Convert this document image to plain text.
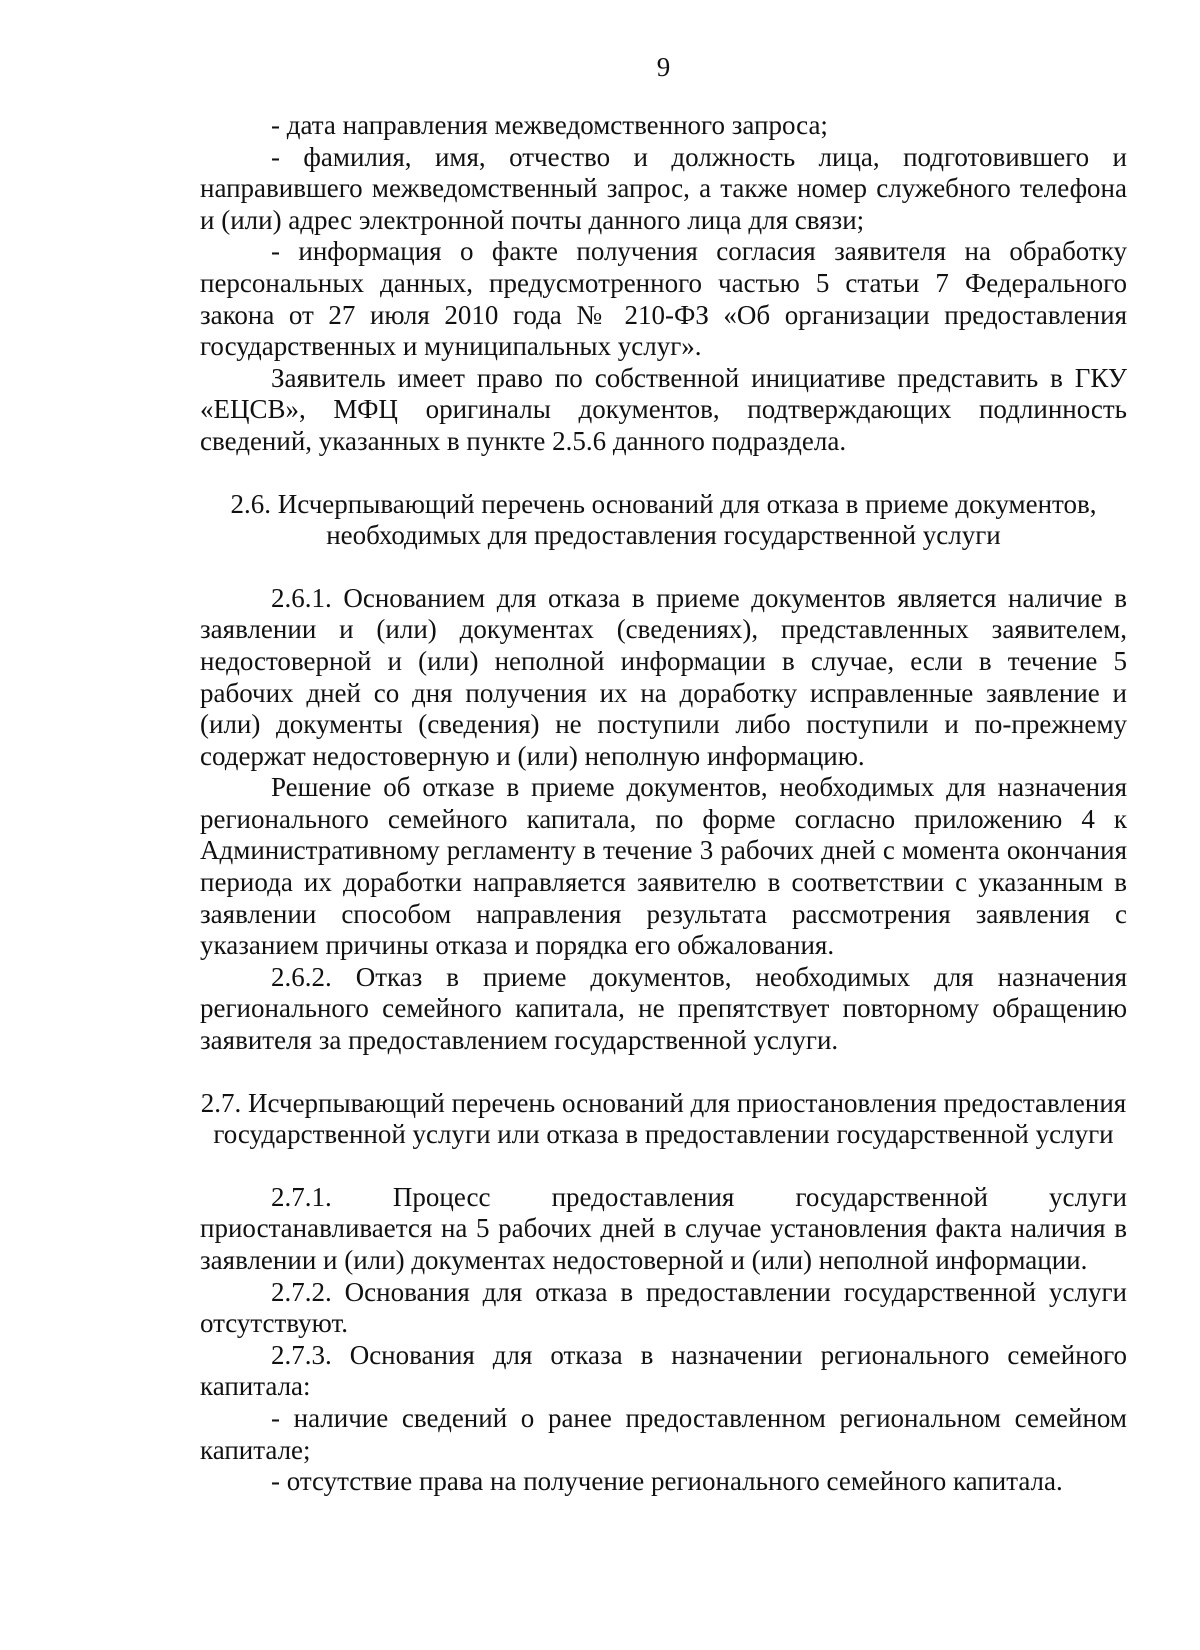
9

- дата направления межведомственного запроса;

- фамилия, имя, отчество и должность лица, подготовившего и направившего межведомственный запрос, а также номер служебного телефона и (или) адрес электронной почты данного лица для связи;

- информация о факте получения согласия заявителя на обработку персональных данных, предусмотренного частью 5 статьи 7 Федерального закона от 27 июля 2010 года № 210-ФЗ «Об организации предоставления государственных и муниципальных услуг».

Заявитель имеет право по собственной инициативе представить в ГКУ «ЕЦСВ», МФЦ оригиналы документов, подтверждающих подлинность сведений, указанных в пункте 2.5.6 данного подраздела.

2.6. Исчерпывающий перечень оснований для отказа в приеме документов, необходимых для предоставления государственной услуги

2.6.1. Основанием для отказа в приеме документов является наличие в заявлении и (или) документах (сведениях), представленных заявителем, недостоверной и (или) неполной информации в случае, если в течение 5 рабочих дней со дня получения их на доработку исправленные заявление и (или) документы (сведения) не поступили либо поступили и по-прежнему содержат недостоверную и (или) неполную информацию.

Решение об отказе в приеме документов, необходимых для назначения регионального семейного капитала, по форме согласно приложению 4 к Административному регламенту в течение 3 рабочих дней с момента окончания периода их доработки направляется заявителю в соответствии с указанным в заявлении способом направления результата рассмотрения заявления с указанием причины отказа и порядка его обжалования.

2.6.2. Отказ в приеме документов, необходимых для назначения регионального семейного капитала, не препятствует повторному обращению заявителя за предоставлением государственной услуги.

2.7. Исчерпывающий перечень оснований для приостановления предоставления государственной услуги или отказа в предоставлении государственной услуги

2.7.1. Процесс предоставления государственной услуги приостанавливается на 5 рабочих дней в случае установления факта наличия в заявлении и (или) документах недостоверной и (или) неполной информации.

2.7.2. Основания для отказа в предоставлении государственной услуги отсутствуют.

2.7.3. Основания для отказа в назначении регионального семейного капитала:

- наличие сведений о ранее предоставленном региональном семейном капитале;

- отсутствие права на получение регионального семейного капитала.
